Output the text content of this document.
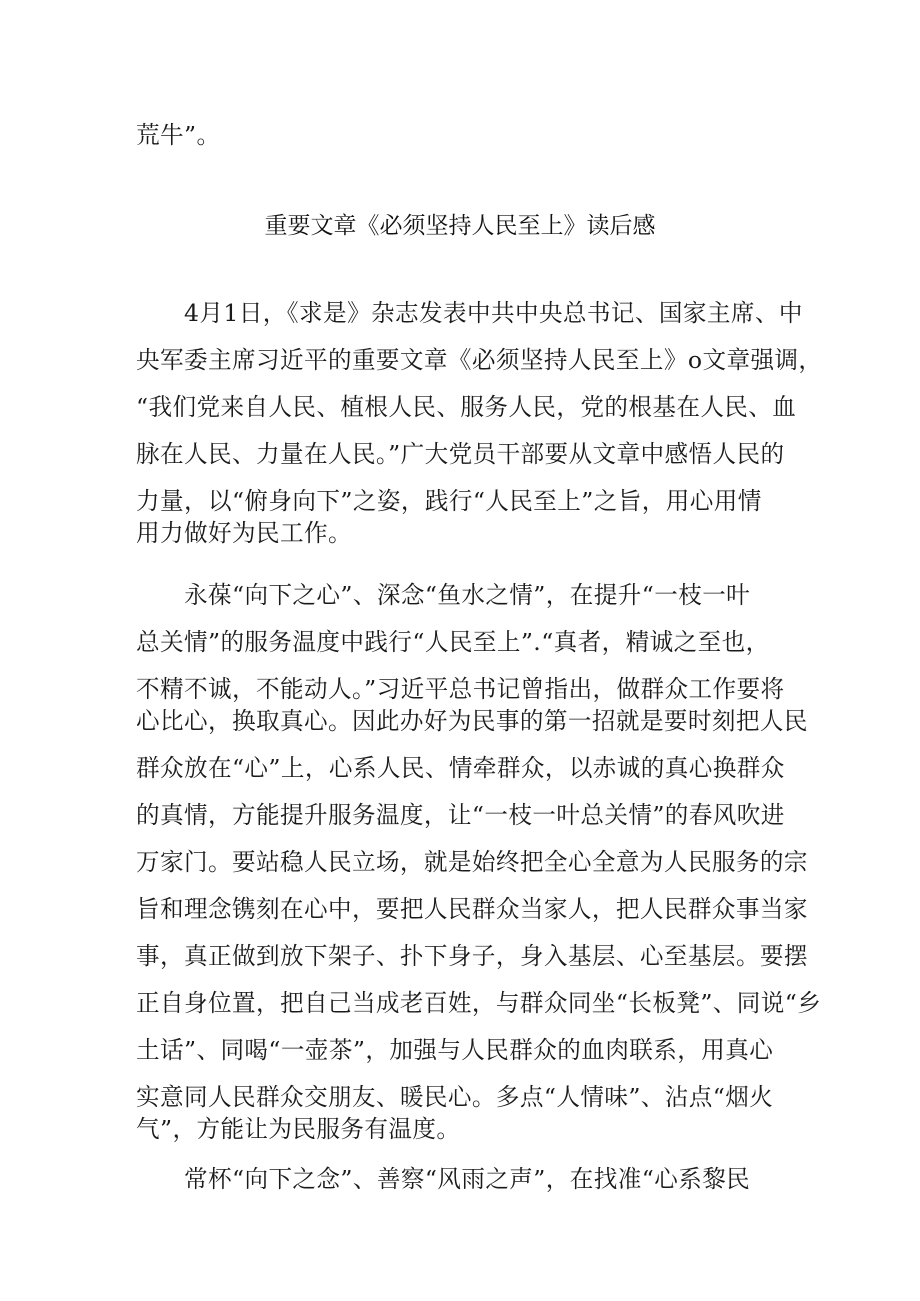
荒牛”。
重要文章《必须坚持人民至上》读后感
4月1日，《求是》杂志发表中共中央总书记、国家主席、中
央军委主席习近平的重要文章《必须坚持人民至上》o文章强调，
“我们党来自人民、植根人民、服务人民，党的根基在人民、血
脉在人民、力量在人民。”广大党员干部要从文章中感悟人民的
力量，以“俯身向下”之姿，践行“人民至上”之旨，用心用情
用力做好为民工作。
永葆“向下之心”、深念“鱼水之情”，在提升“一枝一叶
总关情”的服务温度中践行“人民至上”.“真者，精诚之至也，
不精不诚，不能动人。”习近平总书记曾指出，做群众工作要将
心比心，换取真心。因此办好为民事的第一招就是要时刻把人民
群众放在“心”上，心系人民、情牵群众，以赤诚的真心换群众
的真情，方能提升服务温度，让“一枝一叶总关情”的春风吹进
万家门。要站稳人民立场，就是始终把全心全意为人民服务的宗
旨和理念镌刻在心中，要把人民群众当家人，把人民群众事当家
事，真正做到放下架子、扑下身子，身入基层、心至基层。要摆
正自身位置，把自己当成老百姓，与群众同坐“长板凳”、同说“乡
土话”、同喝“一壶茶”，加强与人民群众的血肉联系，用真心
实意同人民群众交朋友、暖民心。多点“人情味”、沾点“烟火
气”，方能让为民服务有温度。
常杯“向下之念”、善察“风雨之声”，在找准“心系黎民
